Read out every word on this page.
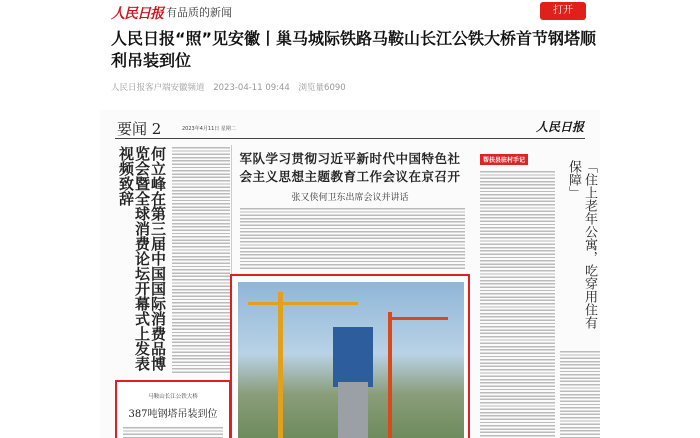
人民日报 有品质的新闻	打开
人民日报“照”见安徽丨巢马城际铁路马鞍山长江公铁大桥首节钢塔顺利吊装到位
人民日报客户端安徽频道 2023-04-11 09:44 浏览量6090
要闻 2	2023年4月11日 星期二	人民日报
何立峰在第三届中国国际消费品博览会暨全球消费论坛开幕式上发表视频致辞	军队学习贯彻习近平新时代中国特色社会主义思想主题教育工作会议在京召开
张又侠何卫东出席会议并讲话
帮扶县驻村手记	「住上老年公寓，吃穿用住有保障」
马鞍山长江公铁大桥
387吨钢塔吊装到位
